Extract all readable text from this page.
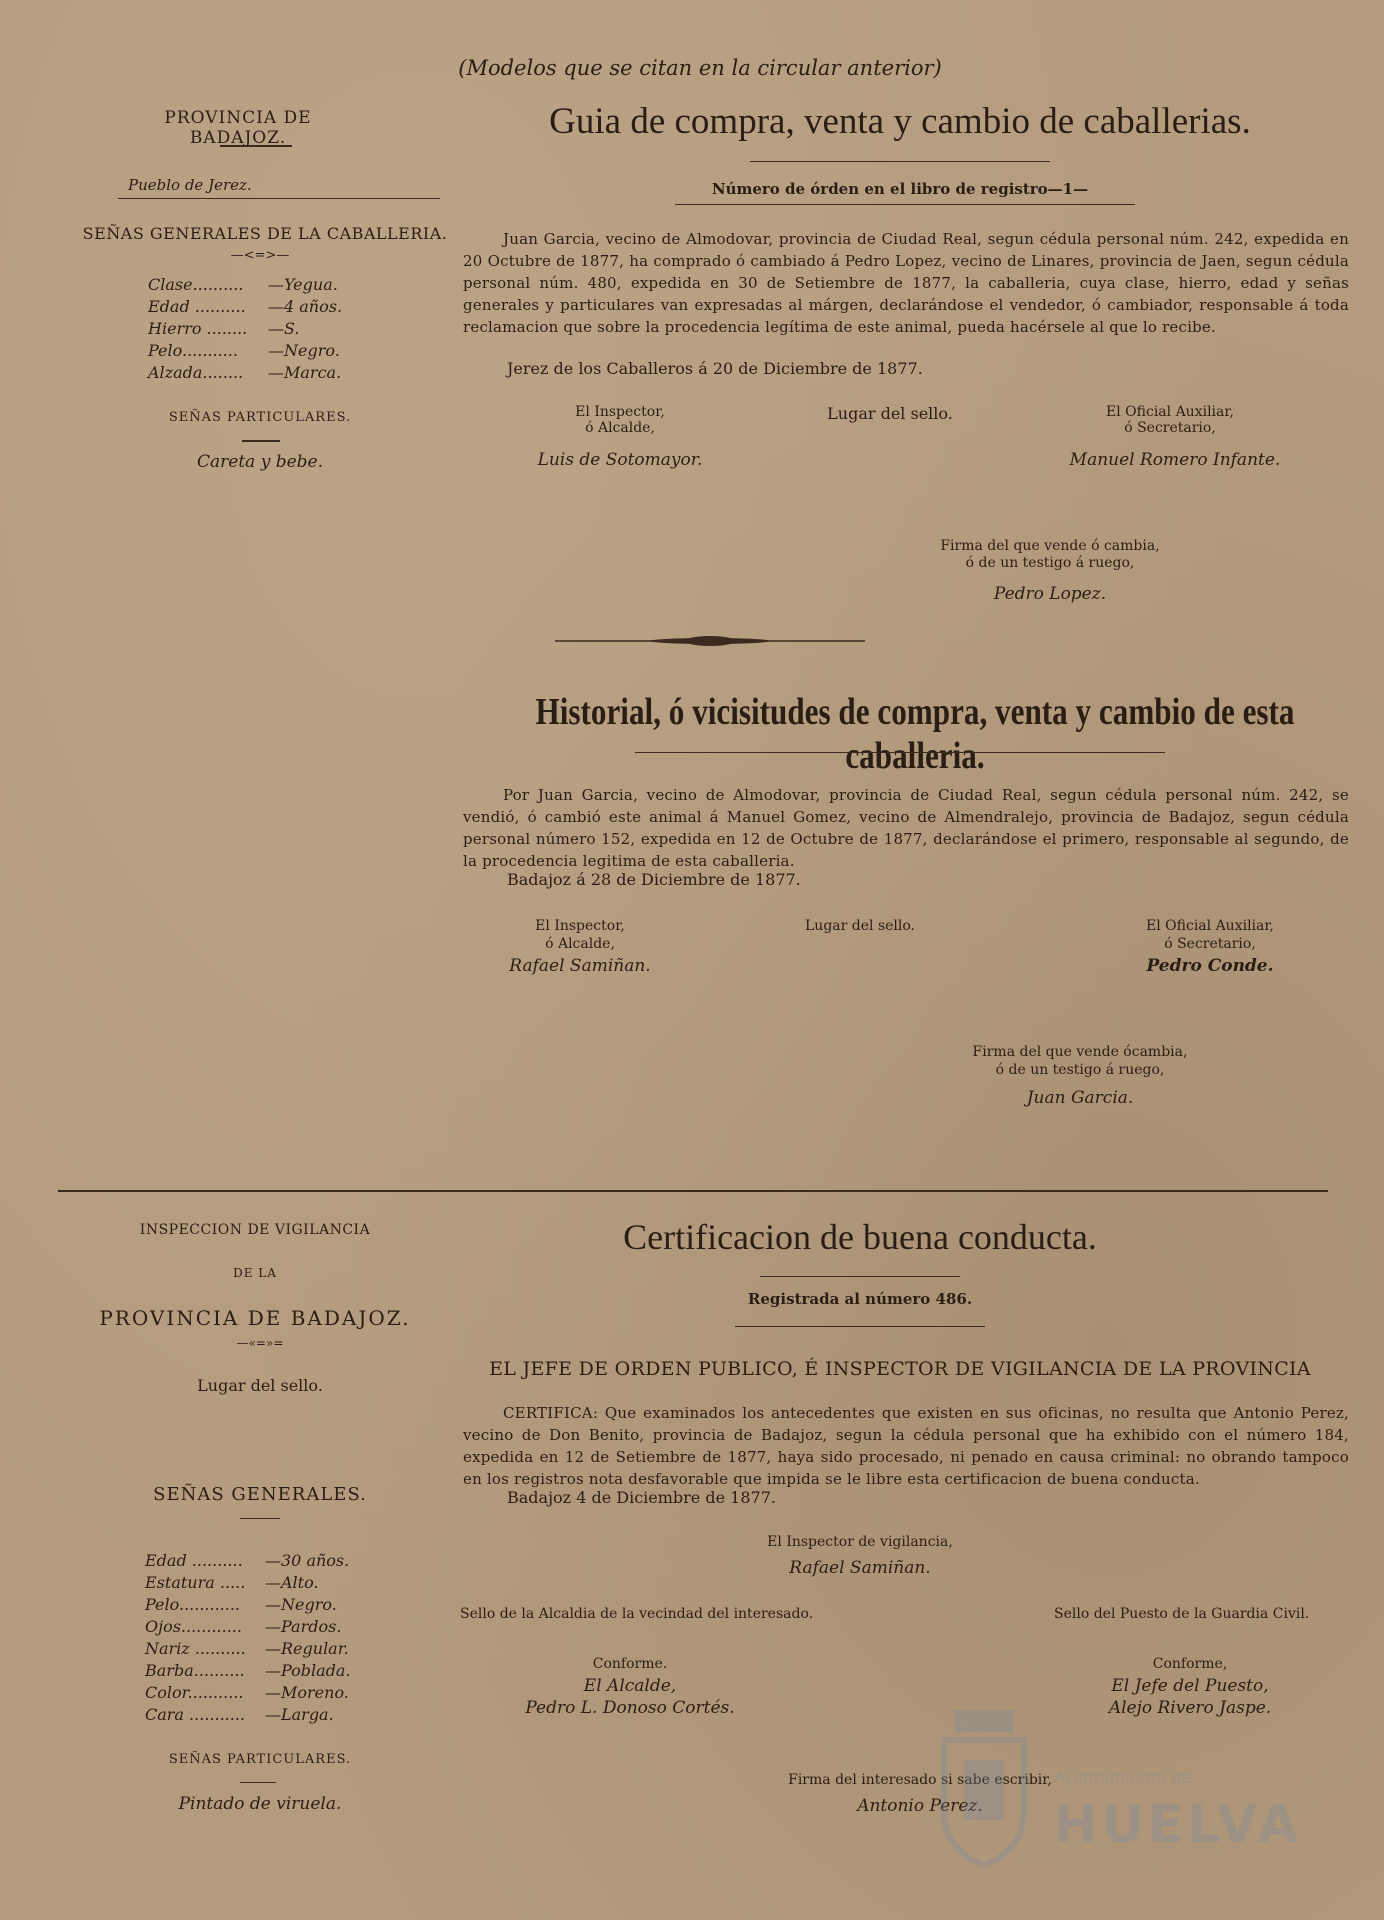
(Modelos que se citan en la circular anterior)
PROVINCIA DE BADAJOZ.
Pueblo de Jerez.
SEÑAS GENERALES DE LA CABALLERIA.
—<=>—
Clase..........	—Yegua.
Edad ..........	—4 años.
Hierro ........	—S.
Pelo...........	—Negro.
Alzada........	—Marca.
SEÑAS PARTICULARES.
Careta y bebe.
Guia de compra, venta y cambio de caballerias.
Número de órden en el libro de registro—1—
Juan Garcia, vecino de Almodovar, provincia de Ciudad Real, segun cédula personal núm. 242, expedida en 20 Octubre de 1877, ha comprado ó cambiado á Pedro Lopez, vecino de Linares, provincia de Jaen, segun cédula personal núm. 480, expedida en 30 de Setiembre de 1877, la caballeria, cuya clase, hierro, edad y señas generales y particulares van expresadas al márgen, declarándose el vendedor, ó cambiador, responsable á toda reclamacion que sobre la procedencia legítima de este animal, pueda hacérsele al que lo recibe.
Jerez de los Caballeros á 20 de Diciembre de 1877.
El Inspector,
ó Alcalde,
Luis de Sotomayor.
Lugar del sello.	El Oficial Auxiliar,
ó Secretario,
Manuel Romero Infante.
Firma del que vende ó cambia,
ó de un testigo á ruego,
Pedro Lopez.
Historial, ó vicisitudes de compra, venta y cambio de esta caballeria.
Por Juan Garcia, vecino de Almodovar, provincia de Ciudad Real, segun cédula personal núm. 242, se vendió, ó cambió este animal á Manuel Gomez, vecino de Almendralejo, provincia de Badajoz, segun cédula personal número 152, expedida en 12 de Octubre de 1877, declarándose el primero, responsable al segundo, de la procedencia legitima de esta caballeria.
Badajoz á 28 de Diciembre de 1877.
El Inspector,
ó Alcalde,
Rafael Samiñan.
Lugar del sello.	El Oficial Auxiliar,
ó Secretario,
Pedro Conde.
Firma del que vende ócambia,
ó de un testigo á ruego,
Juan Garcia.
INSPECCION DE VIGILANCIA
DE LA
PROVINCIA DE BADAJOZ.
—«=»=
Lugar del sello.
SEÑAS GENERALES.
Edad ..........	—30 años.
Estatura .....	—Alto.
Pelo............	—Negro.
Ojos............	—Pardos.
Nariz ..........	—Regular.
Barba..........	—Poblada.
Color...........	—Moreno.
Cara ...........	—Larga.
SEÑAS PARTICULARES.
Pintado de viruela.
Certificacion de buena conducta.
Registrada al número 486.
EL JEFE DE ORDEN PUBLICO, É INSPECTOR DE VIGILANCIA DE LA PROVINCIA
CERTIFICA: Que examinados los antecedentes que existen en sus oficinas, no resulta que Antonio Perez, vecino de Don Benito, provincia de Badajoz, segun la cédula personal que ha exhibido con el número 184, expedida en 12 de Setiembre de 1877, haya sido procesado, ni penado en causa criminal: no obrando tampoco en los registros nota desfavorable que impida se le libre esta certificacion de buena conducta.
Badajoz 4 de Diciembre de 1877.
El Inspector de vigilancia,
Rafael Samiñan.
Sello de la Alcaldia de la vecindad del interesado.	Sello del Puesto de la Guardia Civil.
Conforme.
El Alcalde,
Pedro L. Donoso Cortés.
Conforme,
El Jefe del Puesto,
Alejo Rivero Jaspe.
Firma del interesado si sabe escribir,
Antonio Perez.
Ayuntamiento de
HUELVA
